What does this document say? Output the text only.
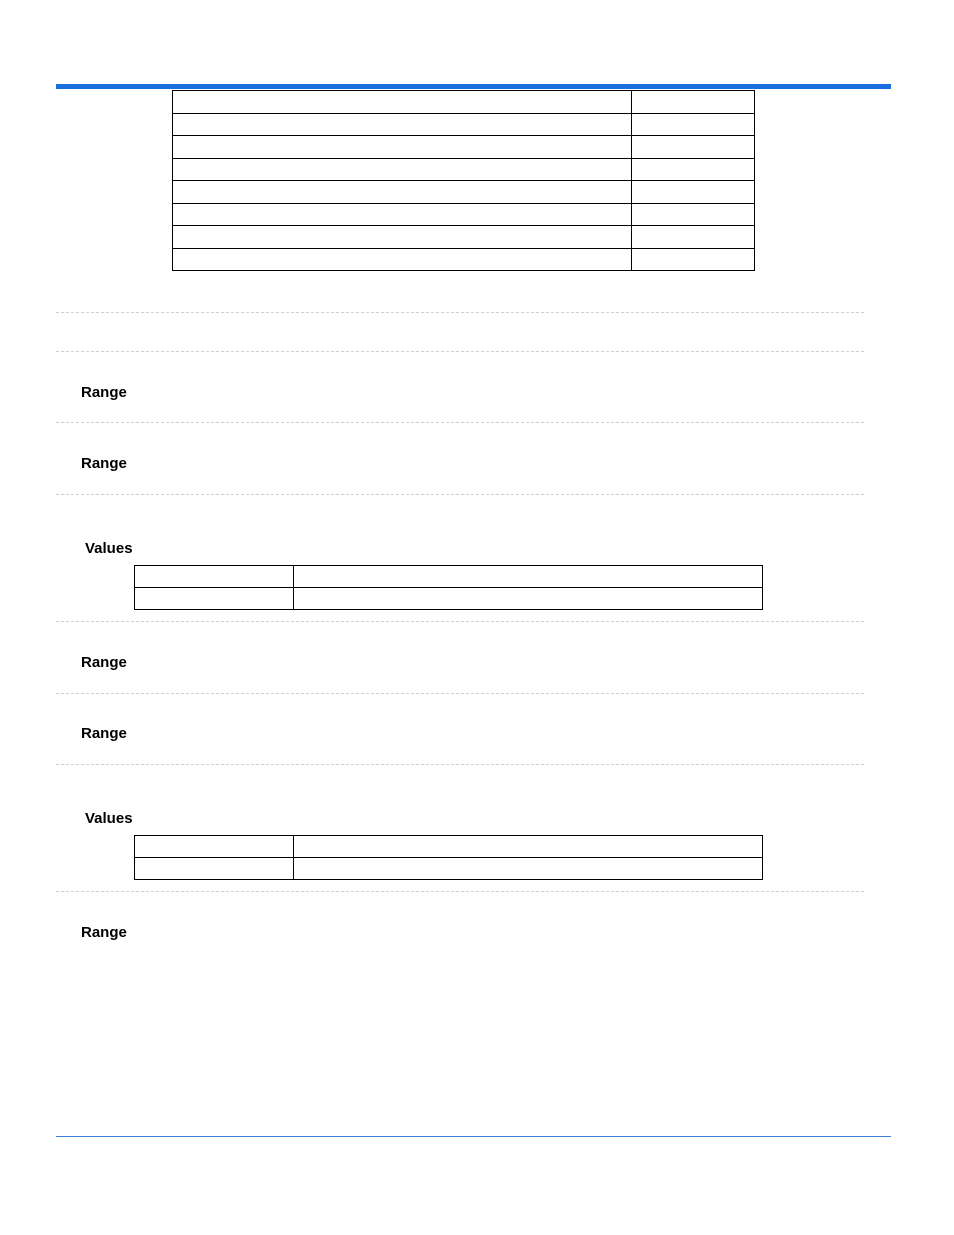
Range
Range
Values

Range
Range
Values

Range
